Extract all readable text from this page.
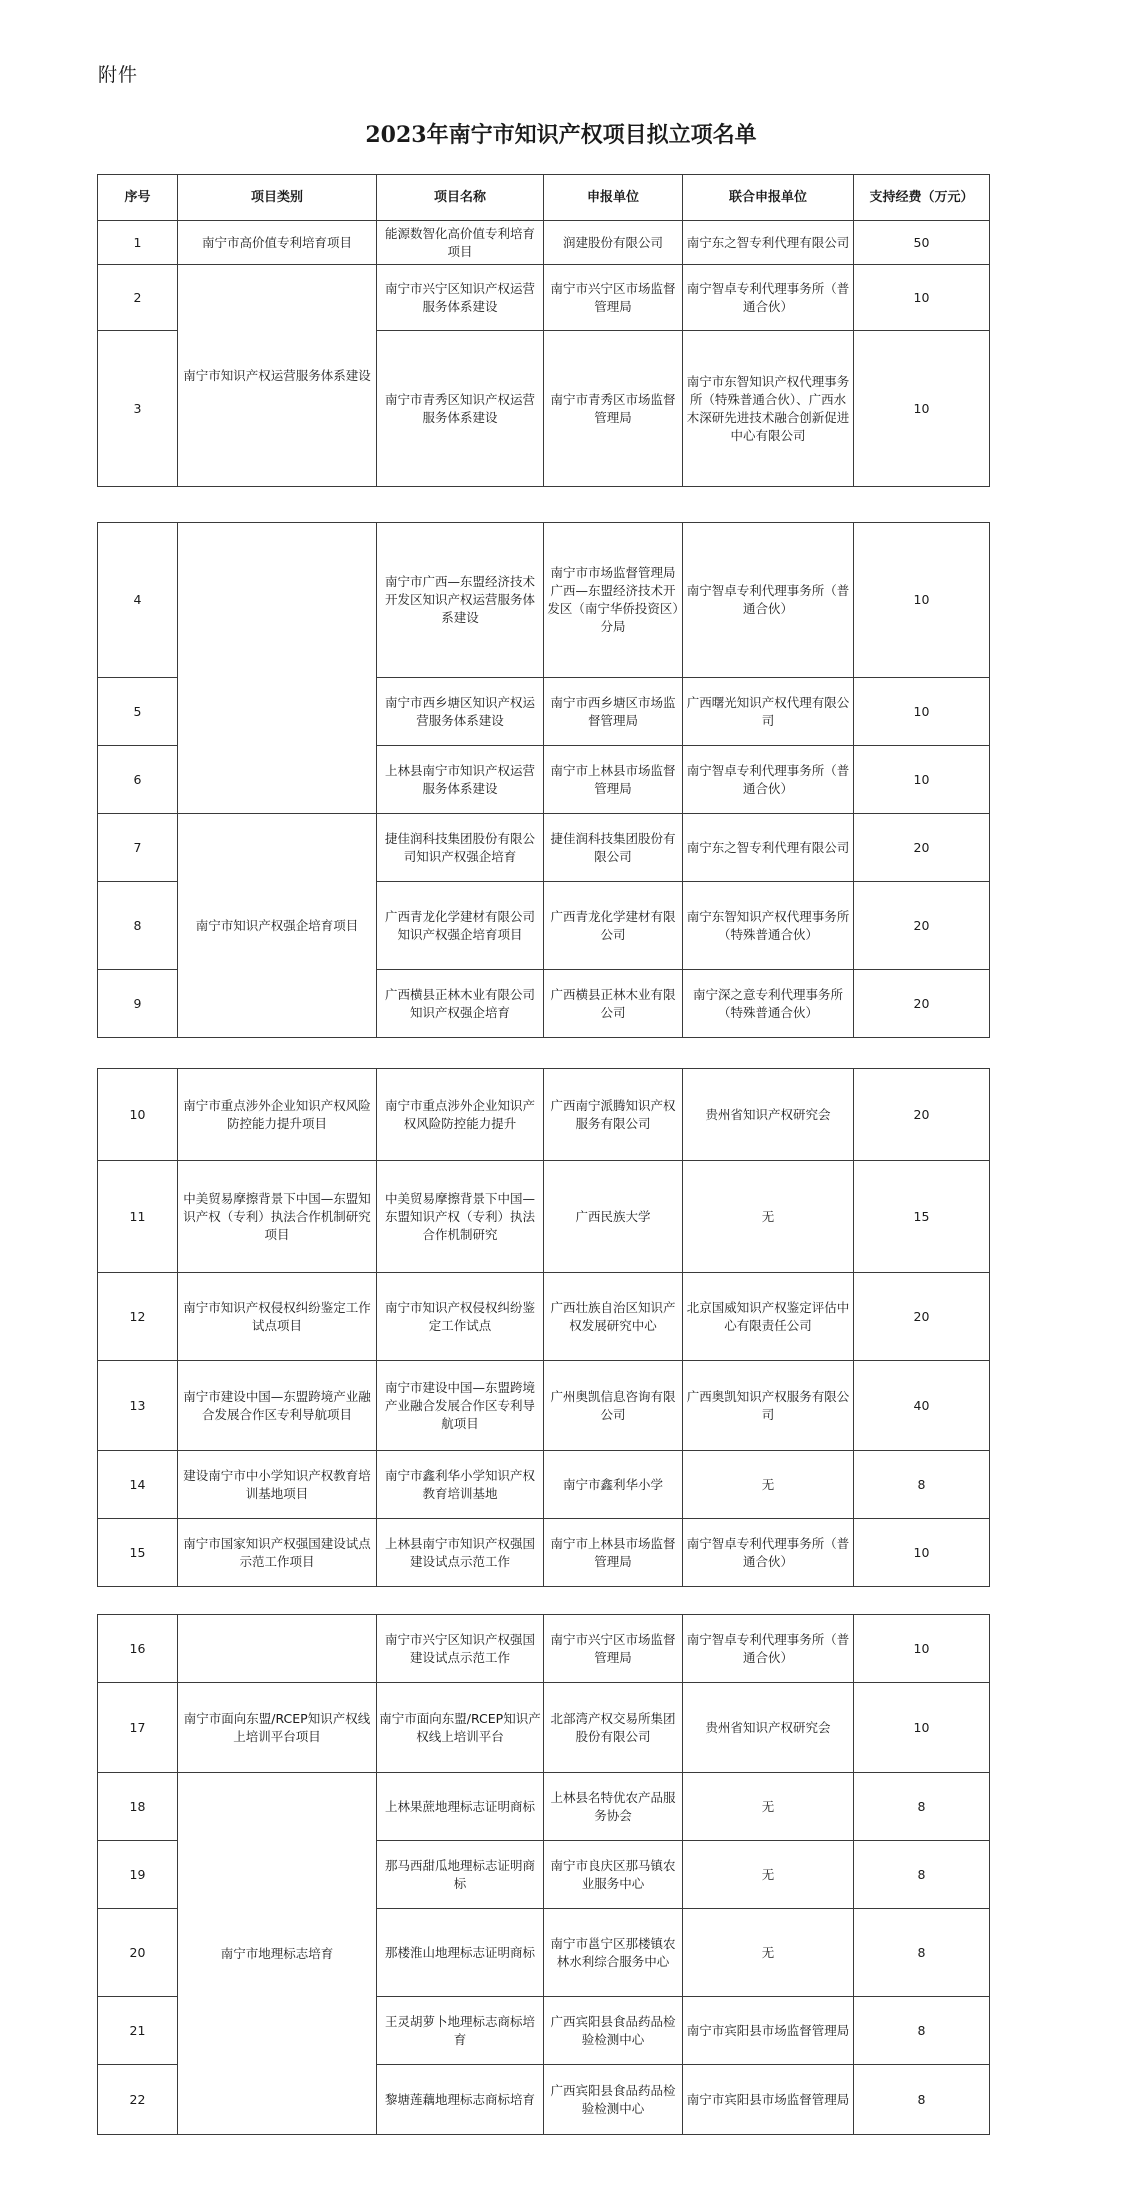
附件
2023年南宁市知识产权项目拟立项名单
序号	项目类别	项目名称	申报单位	联合申报单位	支持经费（万元）
1	南宁市高价值专利培育项目	能源数智化高价值专利培育项目	润建股份有限公司	南宁东之智专利代理有限公司	50
2	南宁市知识产权运营服务体系建设	南宁市兴宁区知识产权运营服务体系建设	南宁市兴宁区市场监督管理局	南宁智卓专利代理事务所（普通合伙）	10
3		南宁市青秀区知识产权运营服务体系建设	南宁市青秀区市场监督管理局	南宁市东智知识产权代理事务所（特殊普通合伙）、广西水木深研先进技术融合创新促进中心有限公司	10
4		南宁市广西—东盟经济技术开发区知识产权运营服务体系建设	南宁市市场监督管理局广西—东盟经济技术开发区（南宁华侨投资区）分局	南宁智卓专利代理事务所（普通合伙）	10
5		南宁市西乡塘区知识产权运营服务体系建设	南宁市西乡塘区市场监督管理局	广西曙光知识产权代理有限公司	10
6		上林县南宁市知识产权运营服务体系建设	南宁市上林县市场监督管理局	南宁智卓专利代理事务所（普通合伙）	10
7	南宁市知识产权强企培育项目	捷佳润科技集团股份有限公司知识产权强企培育	捷佳润科技集团股份有限公司	南宁东之智专利代理有限公司	20
8		广西青龙化学建材有限公司知识产权强企培育项目	广西青龙化学建材有限公司	南宁东智知识产权代理事务所（特殊普通合伙）	20
9		广西横县正林木业有限公司知识产权强企培育	广西横县正林木业有限公司	南宁深之意专利代理事务所（特殊普通合伙）	20
10	南宁市重点涉外企业知识产权风险防控能力提升项目	南宁市重点涉外企业知识产权风险防控能力提升	广西南宁派腾知识产权服务有限公司	贵州省知识产权研究会	20
11	中美贸易摩擦背景下中国—东盟知识产权（专利）执法合作机制研究项目	中美贸易摩擦背景下中国—东盟知识产权（专利）执法合作机制研究	广西民族大学	无	15
12	南宁市知识产权侵权纠纷鉴定工作试点项目	南宁市知识产权侵权纠纷鉴定工作试点	广西壮族自治区知识产权发展研究中心	北京国威知识产权鉴定评估中心有限责任公司	20
13	南宁市建设中国—东盟跨境产业融合发展合作区专利导航项目	南宁市建设中国—东盟跨境产业融合发展合作区专利导航项目	广州奥凯信息咨询有限公司	广西奥凯知识产权服务有限公司	40
14	建设南宁市中小学知识产权教育培训基地项目	南宁市鑫利华小学知识产权教育培训基地	南宁市鑫利华小学	无	8
15	南宁市国家知识产权强国建设试点示范工作项目	上林县南宁市知识产权强国建设试点示范工作	南宁市上林县市场监督管理局	南宁智卓专利代理事务所（普通合伙）	10
16		南宁市兴宁区知识产权强国建设试点示范工作	南宁市兴宁区市场监督管理局	南宁智卓专利代理事务所（普通合伙）	10
17	南宁市面向东盟/RCEP知识产权线上培训平台项目	南宁市面向东盟/RCEP知识产权线上培训平台	北部湾产权交易所集团股份有限公司	贵州省知识产权研究会	10
18	南宁市地理标志培育	上林果蔗地理标志证明商标	上林县名特优农产品服务协会	无	8
19		那马西甜瓜地理标志证明商标	南宁市良庆区那马镇农业服务中心	无	8
20		那楼淮山地理标志证明商标	南宁市邕宁区那楼镇农林水利综合服务中心	无	8
21		王灵胡萝卜地理标志商标培育	广西宾阳县食品药品检验检测中心	南宁市宾阳县市场监督管理局	8
22		黎塘莲藕地理标志商标培育	广西宾阳县食品药品检验检测中心	南宁市宾阳县市场监督管理局	8
